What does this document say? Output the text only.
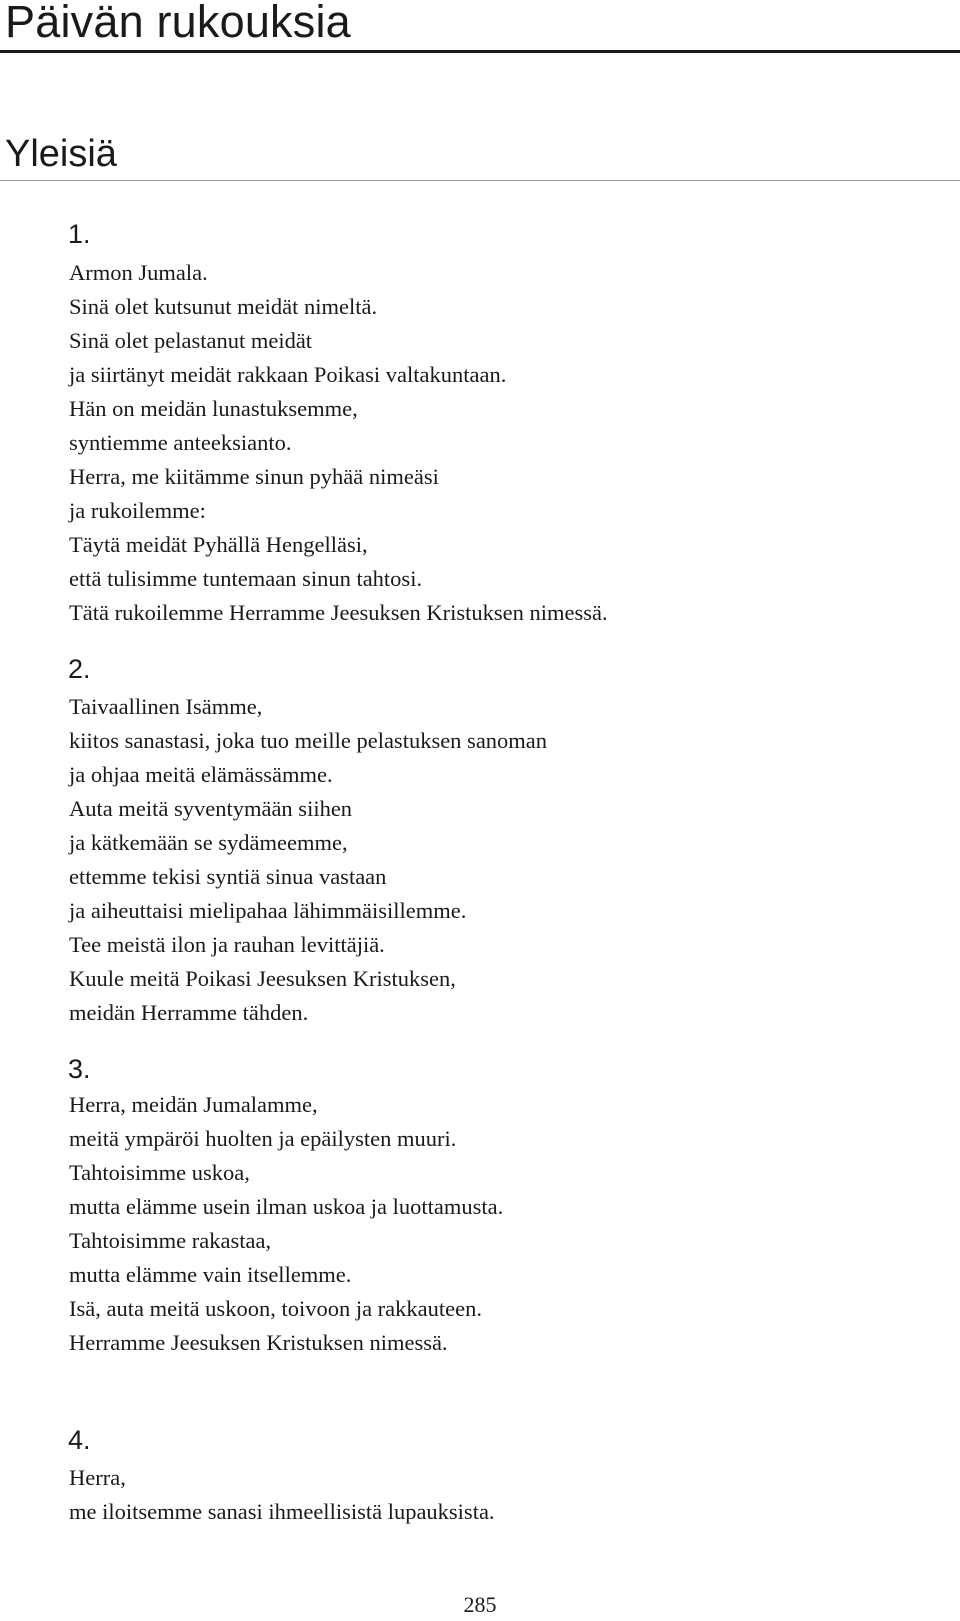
Päivän rukouksia
Yleisiä
1.
Armon Jumala.
Sinä olet kutsunut meidät nimeltä.
Sinä olet pelastanut meidät
ja siirtänyt meidät rakkaan Poikasi valtakuntaan.
Hän on meidän lunastuksemme,
syntiemme anteeksianto.
Herra, me kiitämme sinun pyhää nimeäsi
ja rukoilemme:
Täytä meidät Pyhällä Hengelläsi,
että tulisimme tuntemaan sinun tahtosi.
Tätä rukoilemme Herramme Jeesuksen Kristuksen nimessä.
2.
Taivaallinen Isämme,
kiitos sanastasi, joka tuo meille pelastuksen sanoman
ja ohjaa meitä elämässämme.
Auta meitä syventymään siihen
ja kätkemään se sydämeemme,
ettemme tekisi syntiä sinua vastaan
ja aiheuttaisi mielipahaa lähimmäisillemme.
Tee meistä ilon ja rauhan levittäjiä.
Kuule meitä Poikasi Jeesuksen Kristuksen,
meidän Herramme tähden.
3.
Herra, meidän Jumalamme,
meitä ympäröi huolten ja epäilysten muuri.
Tahtoisimme uskoa,
mutta elämme usein ilman uskoa ja luottamusta.
Tahtoisimme rakastaa,
mutta elämme vain itsellemme.
Isä, auta meitä uskoon, toivoon ja rakkauteen.
Herramme Jeesuksen Kristuksen nimessä.
4.
Herra,
me iloitsemme sanasi ihmeellisistä lupauksista.
285
